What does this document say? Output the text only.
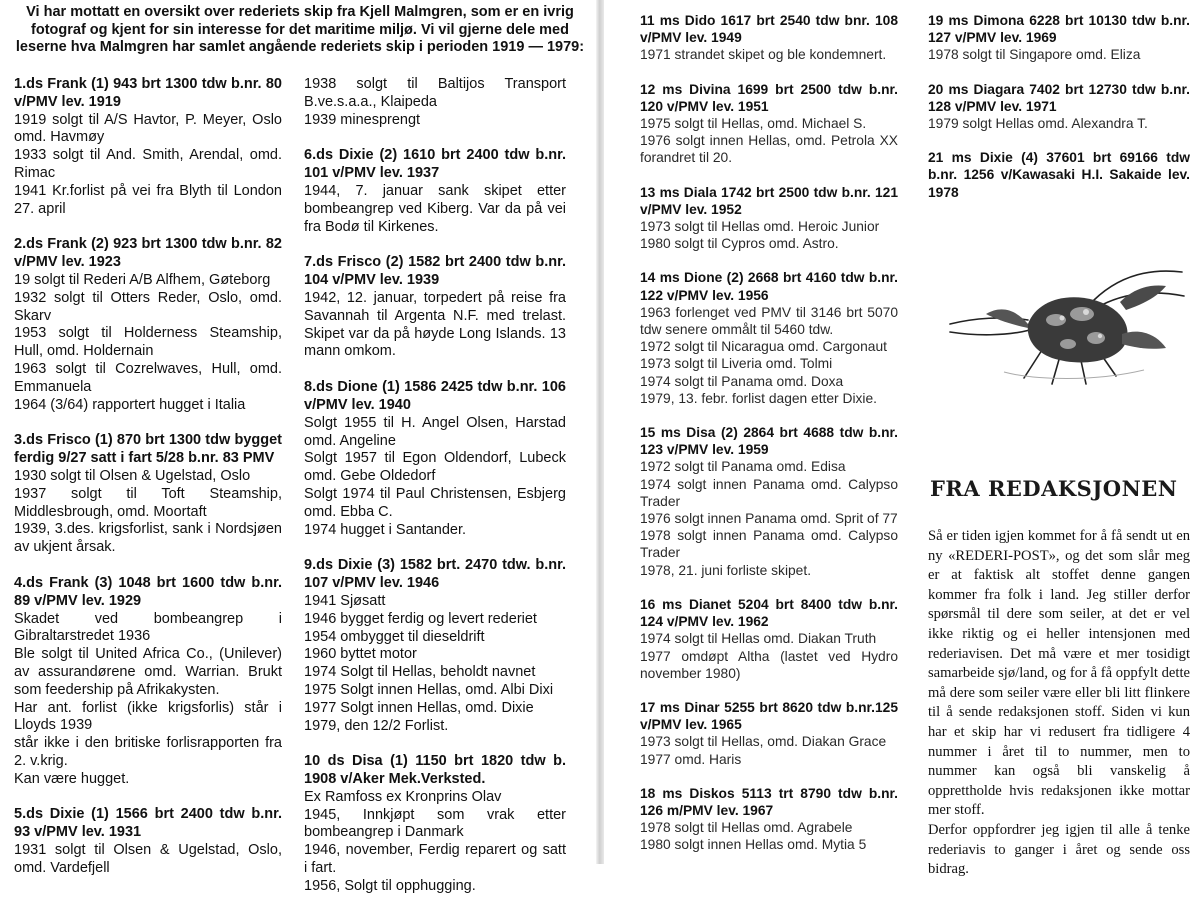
Vi har mottatt en oversikt over rederiets skip fra Kjell Malmgren, som er en ivrig fotograf og kjent for sin interesse for det maritime miljø. Vi vil gjerne dele med leserne hva Malmgren har samlet angående rederiets skip i perioden 1919 — 1979:
1.ds Frank (1) 943 brt 1300 tdw b.nr. 80 v/PMV lev. 1919
1919 solgt til A/S Havtor, P. Meyer, Oslo omd. Havmøy
1933 solgt til And. Smith, Arendal, omd. Rimac
1941 Kr.forlist på vei fra Blyth til London 27. april
2.ds Frank (2) 923 brt 1300 tdw b.nr. 82 v/PMV lev. 1923
19 solgt til Rederi A/B Alfhem, Gøteborg
1932 solgt til Otters Reder, Oslo, omd. Skarv
1953 solgt til Holderness Steamship, Hull, omd. Holdernain
1963 solgt til Cozrelwaves, Hull, omd. Emmanuela
1964 (3/64) rapportert hugget i Italia
3.ds Frisco (1) 870 brt 1300 tdw bygget ferdig 9/27 satt i fart 5/28 b.nr. 83 PMV
1930 solgt til Olsen & Ugelstad, Oslo
1937 solgt til Toft Steamship, Middlesbrough, omd. Moortaft
1939, 3.des. krigsforlist, sank i Nordsjøen av ukjent årsak.
4.ds Frank (3) 1048 brt 1600 tdw b.nr. 89 v/PMV lev. 1929
Skadet ved bombeangrep i Gibraltarstredet 1936
Ble solgt til United Africa Co., (Unilever) av assurandørene omd. Warrian. Brukt som feedership på Afrikakysten.
Har ant. forlist (ikke krigsforlis) står i Lloyds 1939
står ikke i den britiske forlisrapporten fra 2. v.krig.
Kan være hugget.
5.ds Dixie (1) 1566 brt 2400 tdw b.nr. 93 v/PMV lev. 1931
1931 solgt til Olsen & Ugelstad, Oslo, omd. Vardefjell
1938 solgt til Baltijos Transport B.ve.s.a.a., Klaipeda
1939 minesprengt
6.ds Dixie (2) 1610 brt 2400 tdw b.nr. 101 v/PMV lev. 1937
1944, 7. januar sank skipet etter bombeangrep ved Kiberg. Var da på vei fra Bodø til Kirkenes.
7.ds Frisco (2) 1582 brt 2400 tdw b.nr. 104 v/PMV lev. 1939
1942, 12. januar, torpedert på reise fra Savannah til Argenta N.F. med trelast. Skipet var da på høyde Long Islands. 13 mann omkom.
8.ds Dione (1) 1586 2425 tdw b.nr. 106 v/PMV lev. 1940
Solgt 1955 til H. Angel Olsen, Harstad omd. Angeline
Solgt 1957 til Egon Oldendorf, Lubeck omd. Gebe Oldedorf
Solgt 1974 til Paul Christensen, Esbjerg omd. Ebba C.
1974 hugget i Santander.
9.ds Dixie (3) 1582 brt. 2470 tdw. b.nr. 107 v/PMV lev. 1946
1941 Sjøsatt
1946 bygget ferdig og levert rederiet
1954 ombygget til dieseldrift
1960 byttet motor
1974 Solgt til Hellas, beholdt navnet
1975 Solgt innen Hellas, omd. Albi Dixi
1977 Solgt innen Hellas, omd. Dixie
1979, den 12/2 Forlist.
10 ds Disa (1) 1150 brt 1820 tdw b. 1908 v/Aker Mek.Verksted.
Ex Ramfoss ex Kronprins Olav
1945, Innkjøpt som vrak etter bombeangrep i Danmark
1946, november, Ferdig reparert og satt i fart.
1956, Solgt til opphugging.
11 ms Dido 1617 brt 2540 tdw bnr. 108 v/PMV lev. 1949
1971 strandet skipet og ble kondemnert.
12 ms Divina 1699 brt 2500 tdw b.nr. 120 v/PMV lev. 1951
1975 solgt til Hellas, omd. Michael S.
1976 solgt innen Hellas, omd. Petrola XX forandret til 20.
13 ms Diala 1742 brt 2500 tdw b.nr. 121 v/PMV lev. 1952
1973 solgt til Hellas omd. Heroic Junior
1980 solgt til Cypros omd. Astro.
14 ms Dione (2) 2668 brt 4160 tdw b.nr. 122 v/PMV lev. 1956
1963 forlenget ved PMV til 3146 brt 5070 tdw senere ommålt til 5460 tdw.
1972 solgt til Nicaragua omd. Cargonaut
1973 solgt til Liveria omd. Tolmi
1974 solgt til Panama omd. Doxa
1979, 13. febr. forlist dagen etter Dixie.
15 ms Disa (2) 2864 brt 4688 tdw b.nr. 123 v/PMV lev. 1959
1972 solgt til Panama omd. Edisa
1974 solgt innen Panama omd. Calypso Trader
1976 solgt innen Panama omd. Sprit of 77
1978 solgt innen Panama omd. Calypso Trader
1978, 21. juni forliste skipet.
16 ms Dianet 5204 brt 8400 tdw b.nr. 124 v/PMV lev. 1962
1974 solgt til Hellas omd. Diakan Truth
1977 omdøpt Altha (lastet ved Hydro november 1980)
17 ms Dinar 5255 brt 8620 tdw b.nr.125 v/PMV lev. 1965
1973 solgt til Hellas, omd. Diakan Grace
1977 omd. Haris
18 ms Diskos 5113 trt 8790 tdw b.nr. 126 m/PMV lev. 1967
1978 solgt til Hellas omd. Agrabele
1980 solgt innen Hellas omd. Mytia 5
19 ms Dimona 6228 brt 10130 tdw b.nr. 127 v/PMV lev. 1969
1978 solgt til Singapore omd. Eliza
20 ms Diagara 7402 brt 12730 tdw b.nr. 128 v/PMV lev. 1971
1979 solgt Hellas omd. Alexandra T.
21 ms Dixie (4) 37601 brt 69166 tdw b.nr. 1256 v/Kawasaki H.I. Sakaide lev. 1978
FRA REDAKSJONEN

Så er tiden igjen kommet for å få sendt ut en ny «REDERI-POST», og det som slår meg er at faktisk alt stoffet denne gangen kommer fra folk i land. Jeg stiller derfor spørsmål til dere som seiler, at det er vel ikke riktig og ei heller intensjonen med rederiavisen. Det må være et mer tosidigt samarbeide sjø/land, og for å få oppfylt dette må dere som seiler være eller bli litt flinkere til å sende redaksjonen stoff. Siden vi kun har et skip har vi redusert fra tidligere 4 nummer i året til to nummer, men to nummer kan også bli vanskelig å opprettholde hvis redaksjonen ikke mottar mer stoff.

Derfor oppfordrer jeg igjen til alle å tenke rederiavis to ganger i året og sende oss bidrag.
